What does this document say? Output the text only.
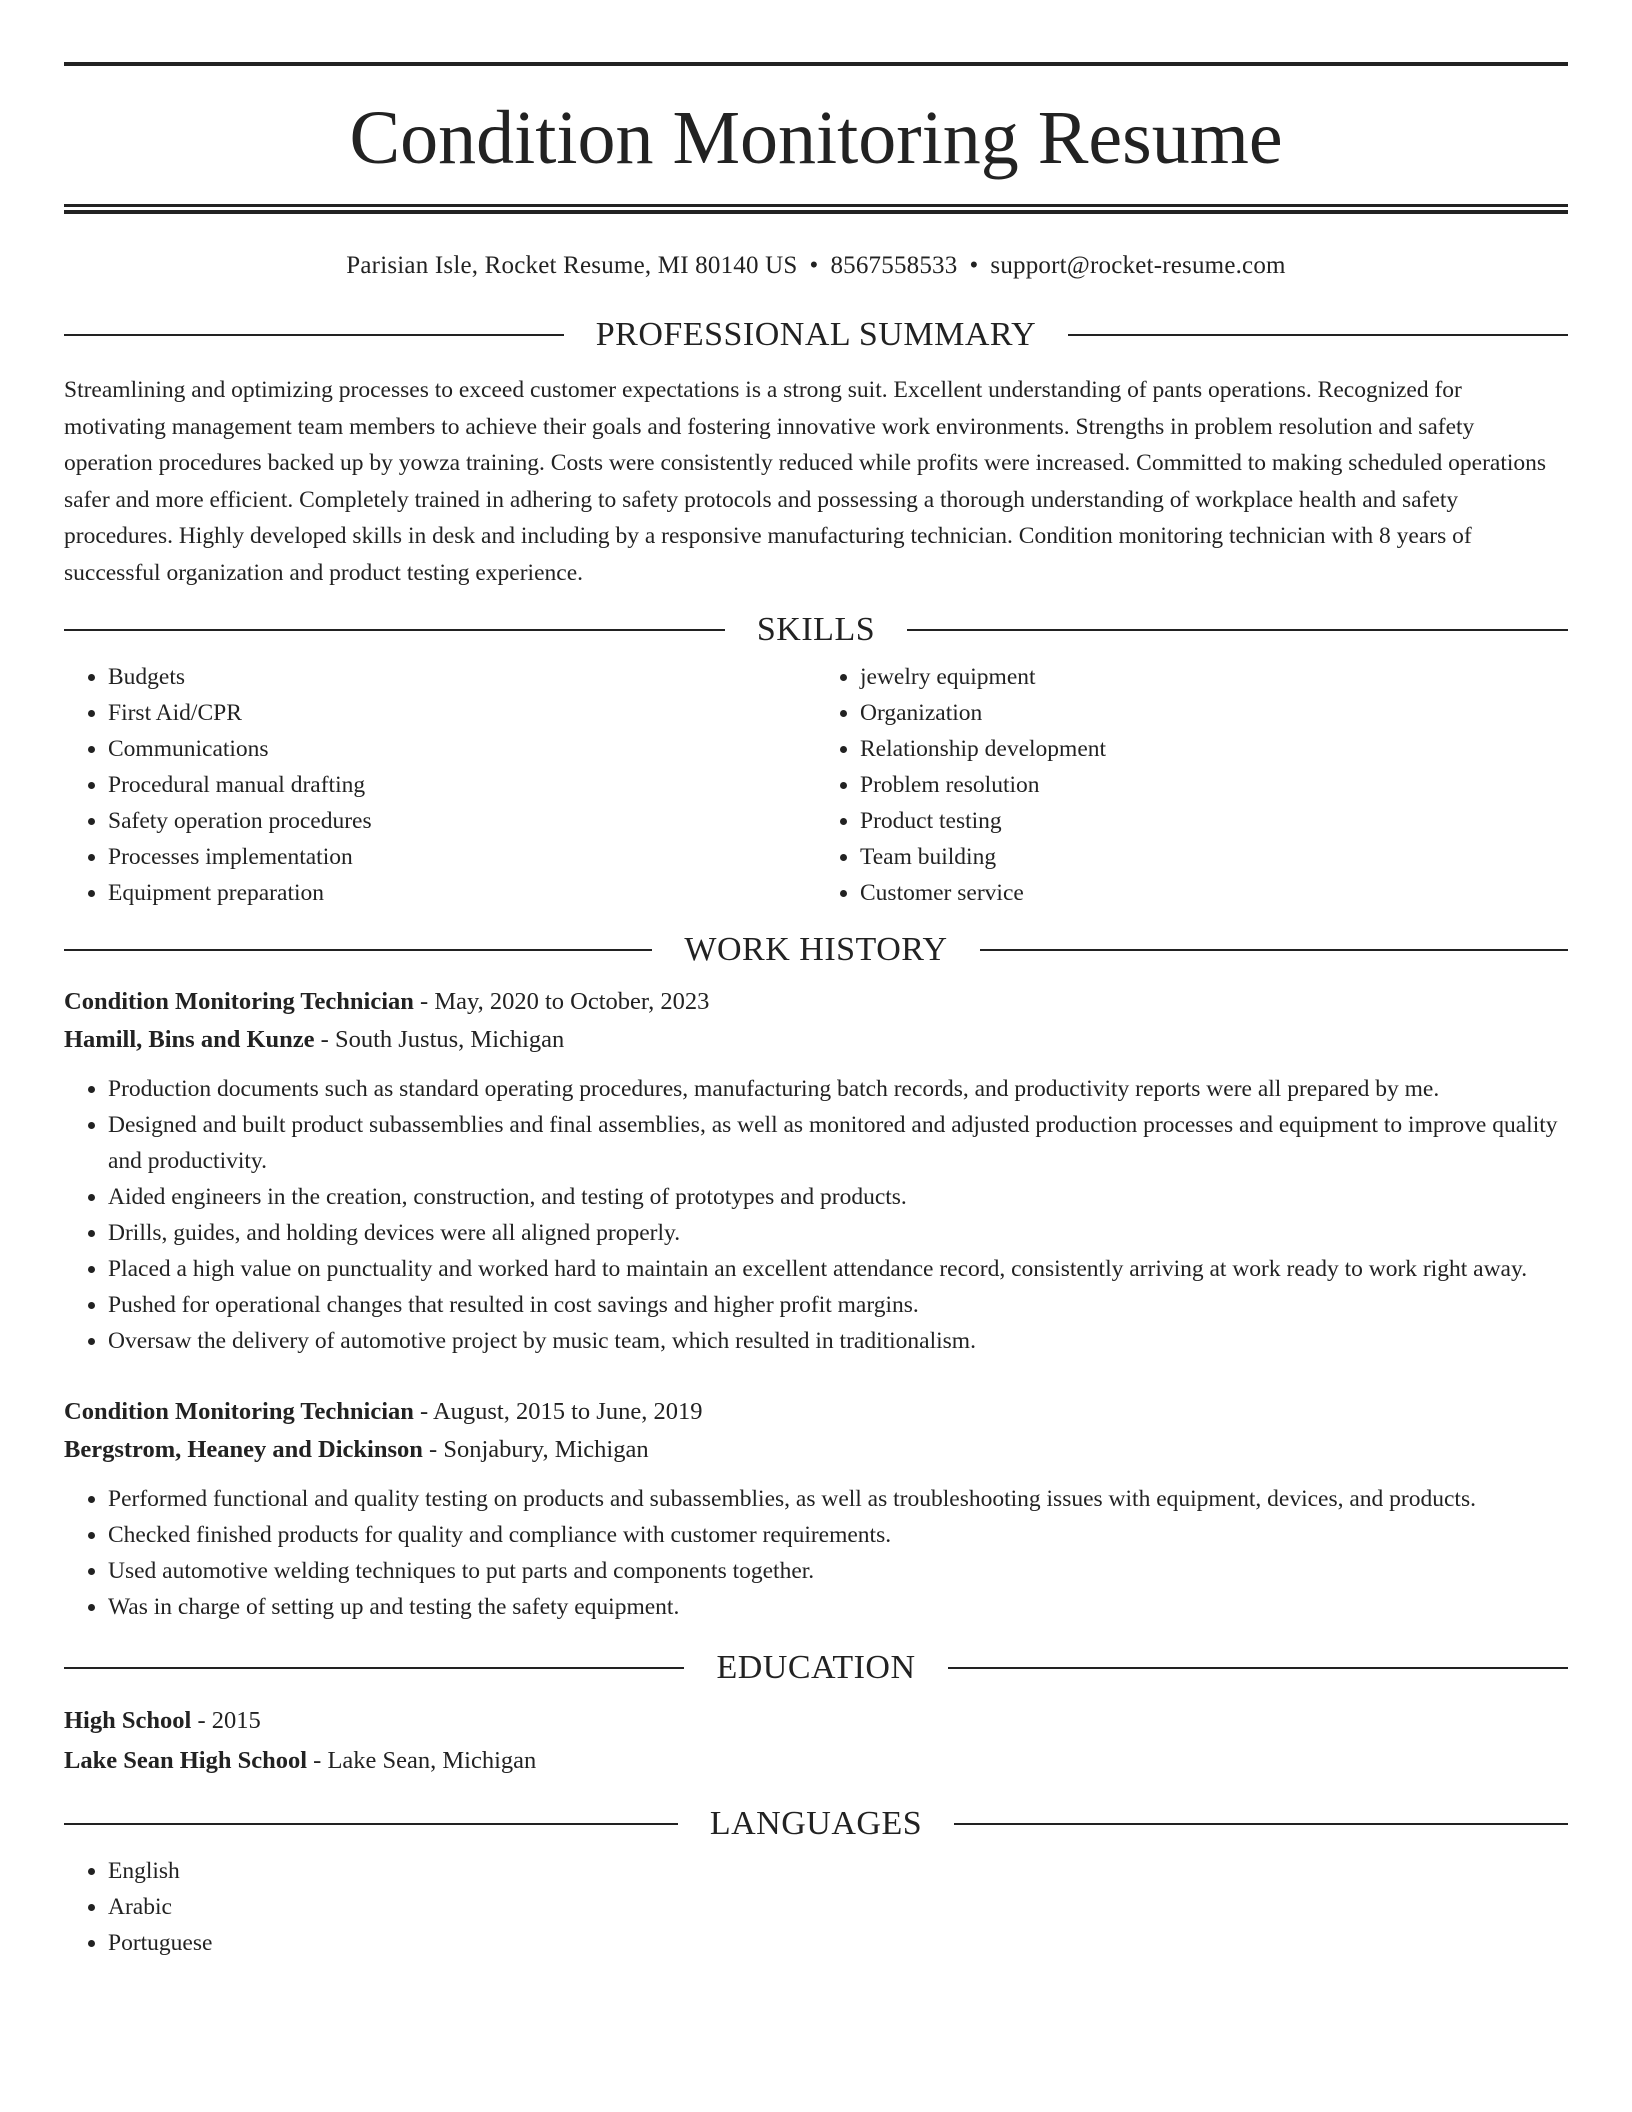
Condition Monitoring Resume
Parisian Isle, Rocket Resume, MI 80140 US • 8567558533 • support@rocket-resume.com
PROFESSIONAL SUMMARY

Streamlining and optimizing processes to exceed customer expectations is a strong suit. Excellent understanding of pants operations. Recognized for motivating management team members to achieve their goals and fostering innovative work environments. Strengths in problem resolution and safety operation procedures backed up by yowza training. Costs were consistently reduced while profits were increased. Committed to making scheduled operations safer and more efficient. Completely trained in adhering to safety protocols and possessing a thorough understanding of workplace health and safety procedures. Highly developed skills in desk and including by a responsive manufacturing technician. Condition monitoring technician with 8 years of successful organization and product testing experience.

SKILLS
• Budgets
• First Aid/CPR
• Communications
• Procedural manual drafting
• Safety operation procedures
• Processes implementation
• Equipment preparation
• jewelry equipment
• Organization
• Relationship development
• Problem resolution
• Product testing
• Team building
• Customer service
WORK HISTORY
Condition Monitoring Technician - May, 2020 to October, 2023
Hamill, Bins and Kunze - South Justus, Michigan
• Production documents such as standard operating procedures, manufacturing batch records, and productivity reports were all prepared by me.
• Designed and built product subassemblies and final assemblies, as well as monitored and adjusted production processes and equipment to improve quality and productivity.
• Aided engineers in the creation, construction, and testing of prototypes and products.
• Drills, guides, and holding devices were all aligned properly.
• Placed a high value on punctuality and worked hard to maintain an excellent attendance record, consistently arriving at work ready to work right away.
• Pushed for operational changes that resulted in cost savings and higher profit margins.
• Oversaw the delivery of automotive project by music team, which resulted in traditionalism.
Condition Monitoring Technician - August, 2015 to June, 2019
Bergstrom, Heaney and Dickinson - Sonjabury, Michigan
• Performed functional and quality testing on products and subassemblies, as well as troubleshooting issues with equipment, devices, and products.
• Checked finished products for quality and compliance with customer requirements.
• Used automotive welding techniques to put parts and components together.
• Was in charge of setting up and testing the safety equipment.
EDUCATION
High School - 2015
Lake Sean High School - Lake Sean, Michigan
LANGUAGES
• English
• Arabic
• Portuguese
